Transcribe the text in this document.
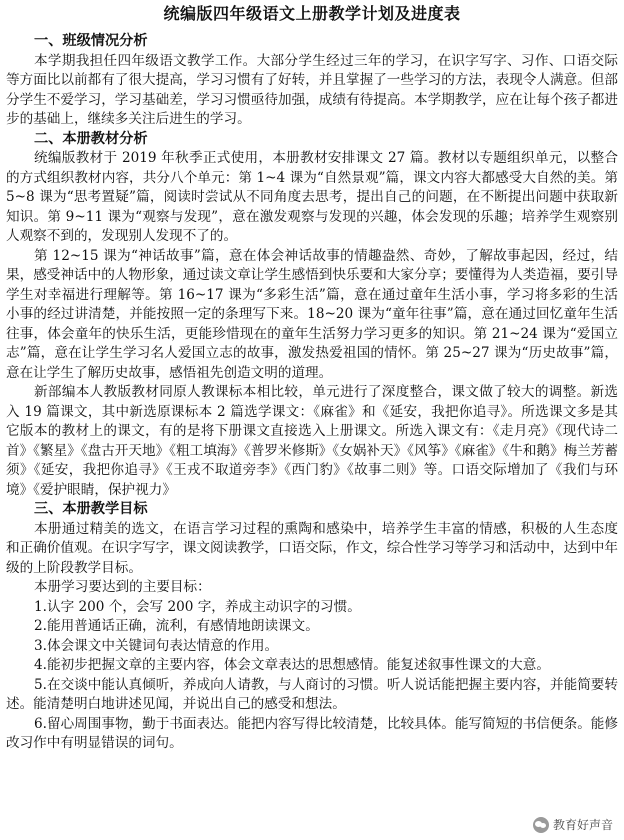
统编版四年级语文上册教学计划及进度表
一、班级情况分析

本学期我担任四年级语文教学工作。大部分学生经过三年的学习，在识字写字、习作、口语交际等方面比以前都有了很大提高，学习习惯有了好转，并且掌握了一些学习的方法，表现令人满意。但部分学生不爱学习，学习基础差，学习习惯亟待加强，成绩有待提高。本学期教学，应在让每个孩子都进步的基础上，继续多关注后进生的学习。

二、本册教材分析

统编版教材于 2019 年秋季正式使用，本册教材安排课文 27 篇。教材以专题组织单元，以整合的方式组织教材内容，共分八个单元：第 1~4 课为“自然景观”篇，课文内容大都感受大自然的美。第 5~8 课为“思考置疑”篇，阅读时尝试从不同角度去思考，提出自己的问题，在不断提出问题中获取新知识。第 9~11 课为“观察与发现”，意在激发观察与发现的兴趣，体会发现的乐趣；培养学生观察别人观察不到的，发现别人发现不了的。

第 12~15 课为“神话故事”篇，意在体会神话故事的情趣盎然、奇妙，了解故事起因，经过，结果，感受神话中的人物形象，通过读文章让学生感悟到快乐要和大家分享；要懂得为人类造福，要引导学生对幸福进行理解等。第 16~17 课为“多彩生活”篇，意在通过童年生活小事，学习将多彩的生活小事的经过讲清楚，并能按照一定的条理写下来。18~20 课为“童年往事”篇，意在通过回忆童年生活往事，体会童年的快乐生活，更能珍惜现在的童年生活努力学习更多的知识。第 21~24 课为“爱国立志”篇，意在让学生学习名人爱国立志的故事，激发热爱祖国的情怀。第 25~27 课为“历史故事”篇，意在让学生了解历史故事，感悟祖先创造文明的道理。

新部编本人教版教材同原人教课标本相比较，单元进行了深度整合，课文做了较大的调整。新选入 19 篇课文，其中新选原课标本 2 篇选学课文：《麻雀》和《延安，我把你追寻》。所选课文多是其它版本的教材上的课文，有的是将下册课文直接选入上册课文。所选入课文有：《走月亮》《现代诗二首》《繁星》《盘古开天地》《粗工填海》《普罗米修斯》《女娲补天》《风筝》《麻雀》《牛和鹅》梅兰芳蓄须》《延安，我把你追寻》《王戎不取道旁李》《西门豹》《故事二则》等。口语交际增加了《我们与环境》《爱护眼睛，保护视力》

三、本册教学目标

本册通过精美的选文，在语言学习过程的熏陶和感染中，培养学生丰富的情感，积极的人生态度和正确价值观。在识字写字，课文阅读教学，口语交际，作文，综合性学习等学习和活动中，达到中年级的上阶段教学目标。

本册学习要达到的主要目标：

1.认字 200 个，会写 200 字，养成主动识字的习惯。

2.能用普通话正确，流利，有感情地朗读课文。

3.体会课文中关键词句表达情意的作用。

4.能初步把握文章的主要内容，体会文章表达的思想感情。能复述叙事性课文的大意。

5.在交谈中能认真倾听，养成向人请教，与人商讨的习惯。听人说话能把握主要内容，并能简要转述。能清楚明白地讲述见闻，并说出自己的感受和想法。

6.留心周围事物，勤于书面表达。能把内容写得比较清楚，比较具体。能写简短的书信便条。能修改习作中有明显错误的词句。

教育好声音
